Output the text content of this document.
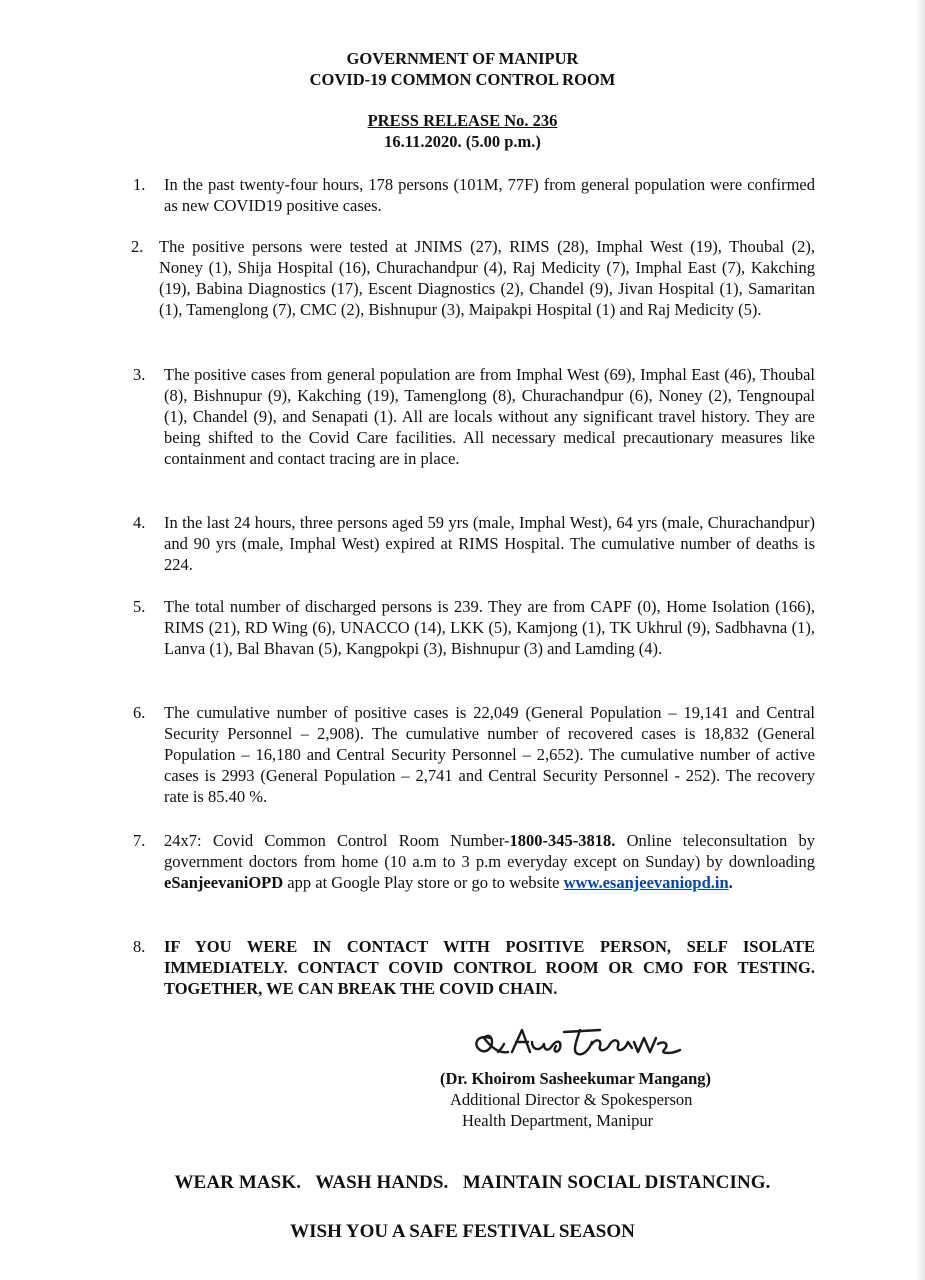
GOVERNMENT OF MANIPUR
COVID-19 COMMON CONTROL ROOM
PRESS RELEASE No. 236
16.11.2020. (5.00 p.m.)
1.	In the past twenty-four hours, 178 persons (101M, 77F) from general population were confirmed as new COVID19 positive cases.
2. The positive persons were tested at JNIMS (27), RIMS (28), Imphal West (19), Thoubal (2), Noney (1), Shija Hospital (16), Churachandpur (4), Raj Medicity (7), Imphal East (7), Kakching (19), Babina Diagnostics (17), Escent Diagnostics (2), Chandel (9), Jivan Hospital (1), Samaritan (1), Tamenglong (7), CMC (2), Bishnupur (3), Maipakpi Hospital (1) and Raj Medicity (5).
3.	The positive cases from general population are from Imphal West (69), Imphal East (46), Thoubal (8), Bishnupur (9), Kakching (19), Tamenglong (8), Churachandpur (6), Noney (2), Tengnoupal (1), Chandel (9), and Senapati (1). All are locals without any significant travel history. They are being shifted to the Covid Care facilities. All necessary medical precautionary measures like containment and contact tracing are in place.
4.	In the last 24 hours, three persons aged 59 yrs (male, Imphal West), 64 yrs (male, Churachandpur) and 90 yrs (male, Imphal West) expired at RIMS Hospital. The cumulative number of deaths is 224.
5.	The total number of discharged persons is 239. They are from CAPF (0), Home Isolation (166), RIMS (21), RD Wing (6), UNACCO (14), LKK (5), Kamjong (1), TK Ukhrul (9), Sadbhavna (1), Lanva (1), Bal Bhavan (5), Kangpokpi (3), Bishnupur (3) and Lamding (4).
6.	The cumulative number of positive cases is 22,049 (General Population – 19,141 and Central Security Personnel – 2,908). The cumulative number of recovered cases is 18,832 (General Population – 16,180 and Central Security Personnel – 2,652). The cumulative number of active cases is 2993 (General Population – 2,741 and Central Security Personnel - 252). The recovery rate is 85.40 %.
7.	24x7: Covid Common Control Room Number-1800-345-3818. Online teleconsultation by government doctors from home (10 a.m to 3 p.m everyday except on Sunday) by downloading eSanjeevaniOPD app at Google Play store or go to website www.esanjeevaniopd.in.
8.	IF YOU WERE IN CONTACT WITH POSITIVE PERSON, SELF ISOLATE IMMEDIATELY. CONTACT COVID CONTROL ROOM OR CMO FOR TESTING. TOGETHER, WE CAN BREAK THE COVID CHAIN.
(Dr. Khoirom Sasheekumar Mangang)
Additional Director & Spokesperson
Health Department, Manipur
WEAR MASK.   WASH HANDS.   MAINTAIN SOCIAL DISTANCING.
WISH YOU A SAFE FESTIVAL SEASON
